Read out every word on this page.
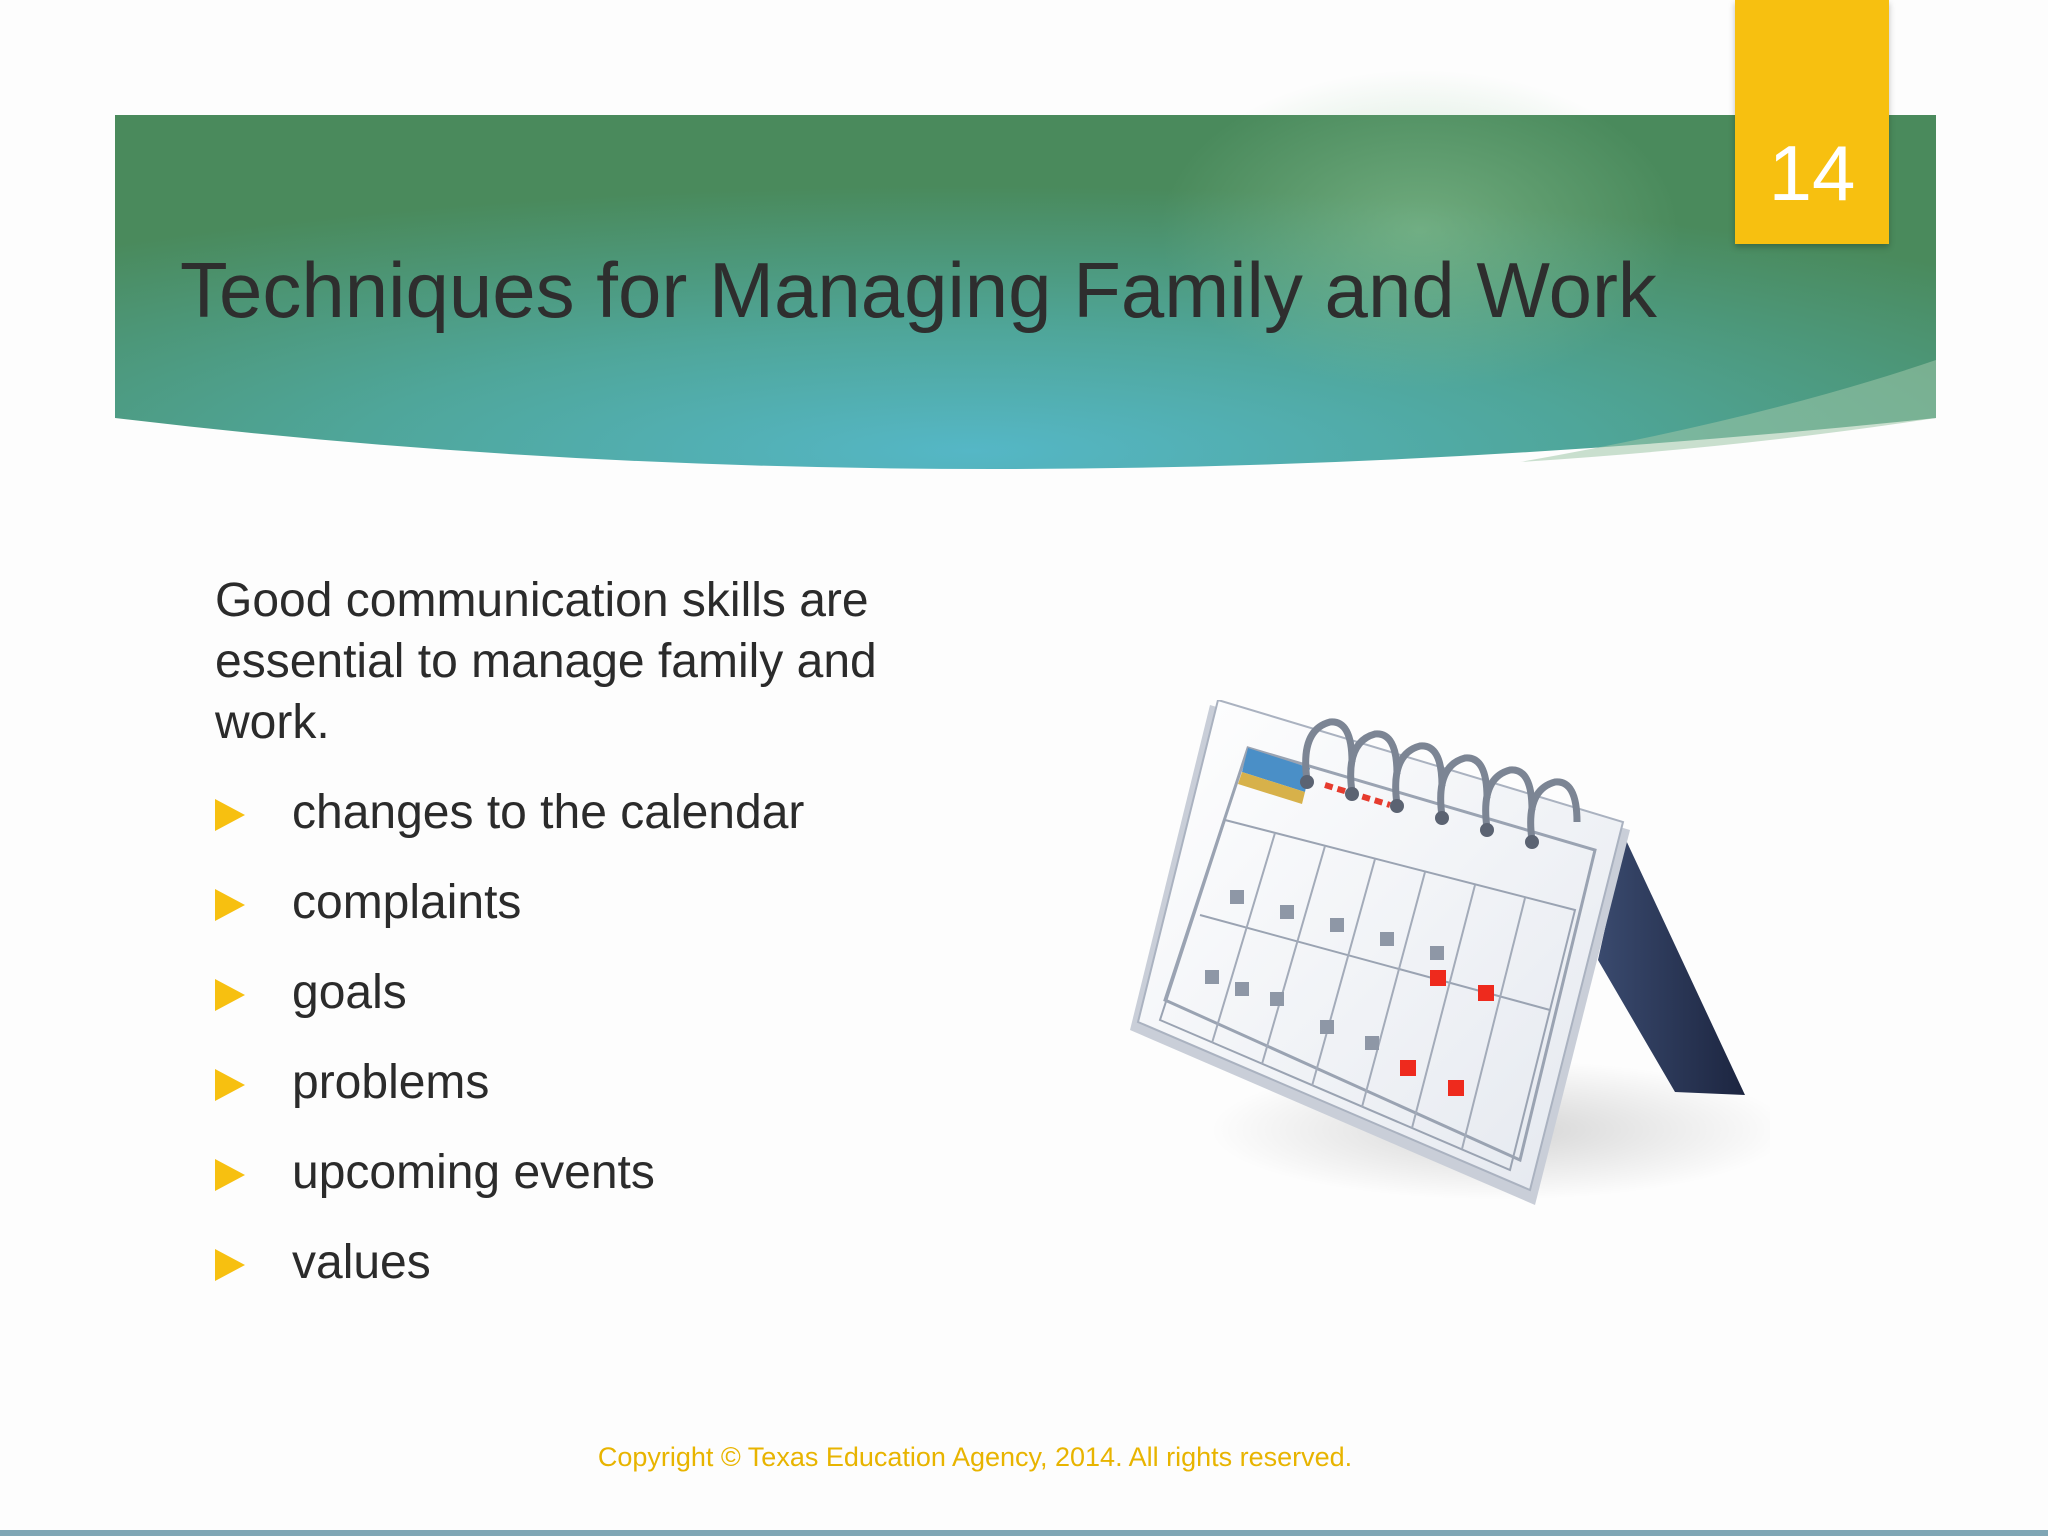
14
Techniques for Managing Family and Work
Good communication skills are essential to manage family and work.
changes to the calendar
complaints
goals
problems
upcoming events
values
Copyright © Texas Education Agency, 2014. All rights reserved.
